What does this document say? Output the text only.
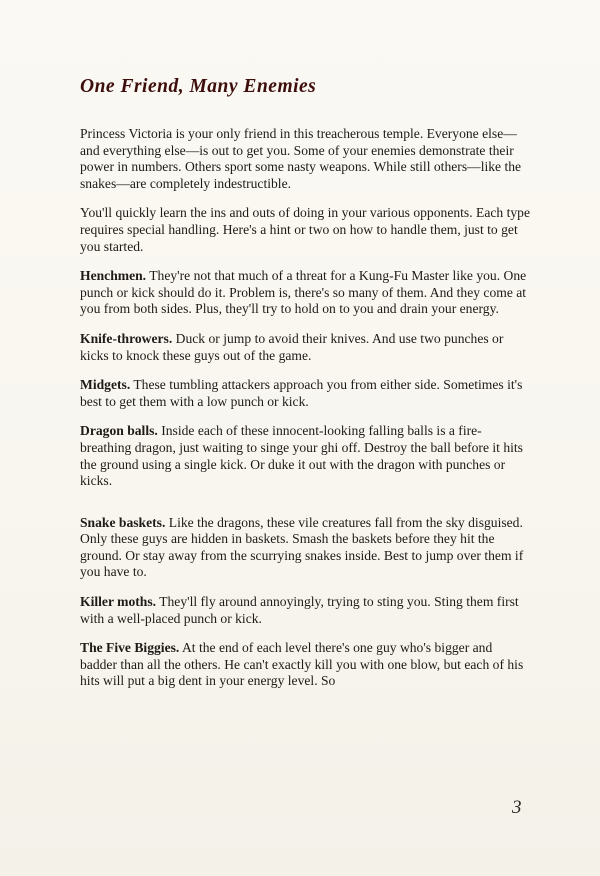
One Friend, Many Enemies

Princess Victoria is your only friend in this treacherous temple. Everyone else—and everything else—is out to get you. Some of your enemies demonstrate their power in numbers. Others sport some nasty weapons. While still others—like the snakes—are completely indestructible.

You'll quickly learn the ins and outs of doing in your various opponents. Each type requires special handling. Here's a hint or two on how to handle them, just to get you started.

Henchmen. They're not that much of a threat for a Kung-Fu Master like you. One punch or kick should do it. Problem is, there's so many of them. And they come at you from both sides. Plus, they'll try to hold on to you and drain your energy.

Knife-throwers. Duck or jump to avoid their knives. And use two punches or kicks to knock these guys out of the game.

Midgets. These tumbling attackers approach you from either side. Sometimes it's best to get them with a low punch or kick.

Dragon balls. Inside each of these innocent-looking falling balls is a fire-breathing dragon, just waiting to singe your ghi off. Destroy the ball before it hits the ground using a single kick. Or duke it out with the dragon with punches or kicks.

Snake baskets. Like the dragons, these vile creatures fall from the sky disguised. Only these guys are hidden in baskets. Smash the baskets before they hit the ground. Or stay away from the scurrying snakes inside. Best to jump over them if you have to.

Killer moths. They'll fly around annoyingly, trying to sting you. Sting them first with a well-placed punch or kick.

The Five Biggies. At the end of each level there's one guy who's bigger and badder than all the others. He can't exactly kill you with one blow, but each of his hits will put a big dent in your energy level. So

3
